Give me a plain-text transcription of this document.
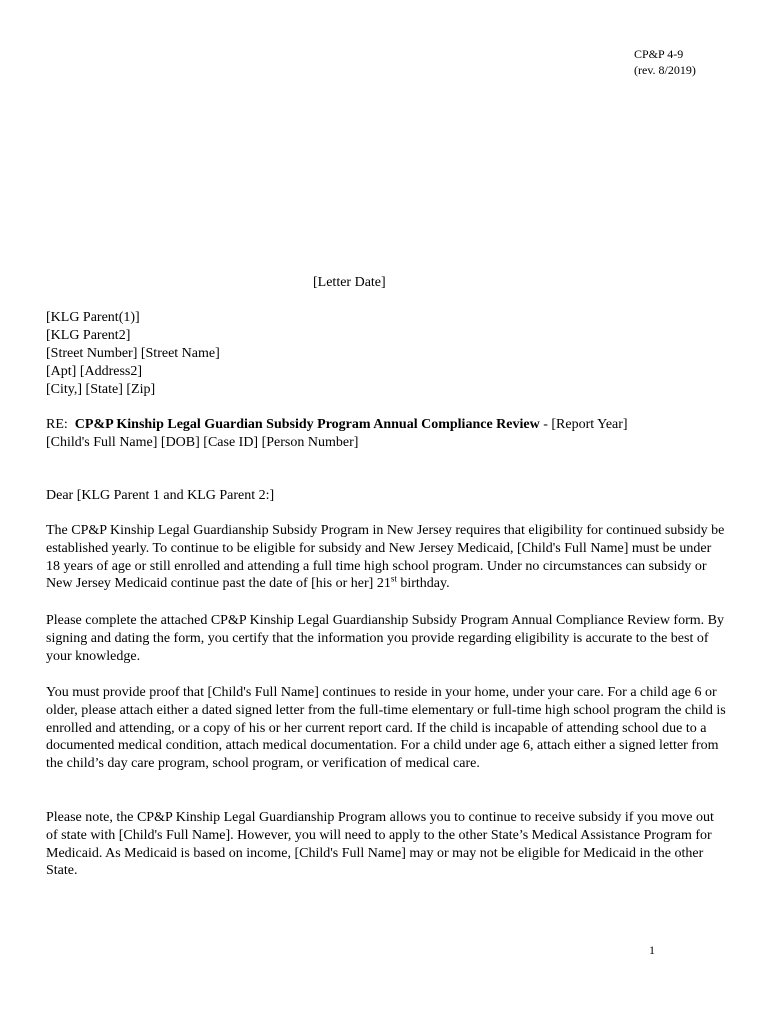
CP&P 4-9
(rev. 8/2019)
[Letter Date]
[KLG Parent(1)]
[KLG Parent2]
[Street Number] [Street Name]
[Apt] [Address2]
[City,] [State] [Zip]
RE: CP&P Kinship Legal Guardian Subsidy Program Annual Compliance Review - [Report Year]
[Child's Full Name] [DOB] [Case ID] [Person Number]
Dear [KLG Parent 1 and KLG Parent 2:]

The CP&P Kinship Legal Guardianship Subsidy Program in New Jersey requires that eligibility for continued subsidy be established yearly. To continue to be eligible for subsidy and New Jersey Medicaid, [Child's Full Name] must be under 18 years of age or still enrolled and attending a full time high school program. Under no circumstances can subsidy or New Jersey Medicaid continue past the date of [his or her] 21st birthday.

Please complete the attached CP&P Kinship Legal Guardianship Subsidy Program Annual Compliance Review form. By signing and dating the form, you certify that the information you provide regarding eligibility is accurate to the best of your knowledge.

You must provide proof that [Child's Full Name] continues to reside in your home, under your care. For a child age 6 or older, please attach either a dated signed letter from the full-time elementary or full-time high school program the child is enrolled and attending, or a copy of his or her current report card. If the child is incapable of attending school due to a documented medical condition, attach medical documentation. For a child under age 6, attach either a signed letter from the child’s day care program, school program, or verification of medical care.

Please note, the CP&P Kinship Legal Guardianship Program allows you to continue to receive subsidy if you move out of state with [Child's Full Name]. However, you will need to apply to the other State’s Medical Assistance Program for Medicaid. As Medicaid is based on income, [Child's Full Name] may or may not be eligible for Medicaid in the other State.

1
